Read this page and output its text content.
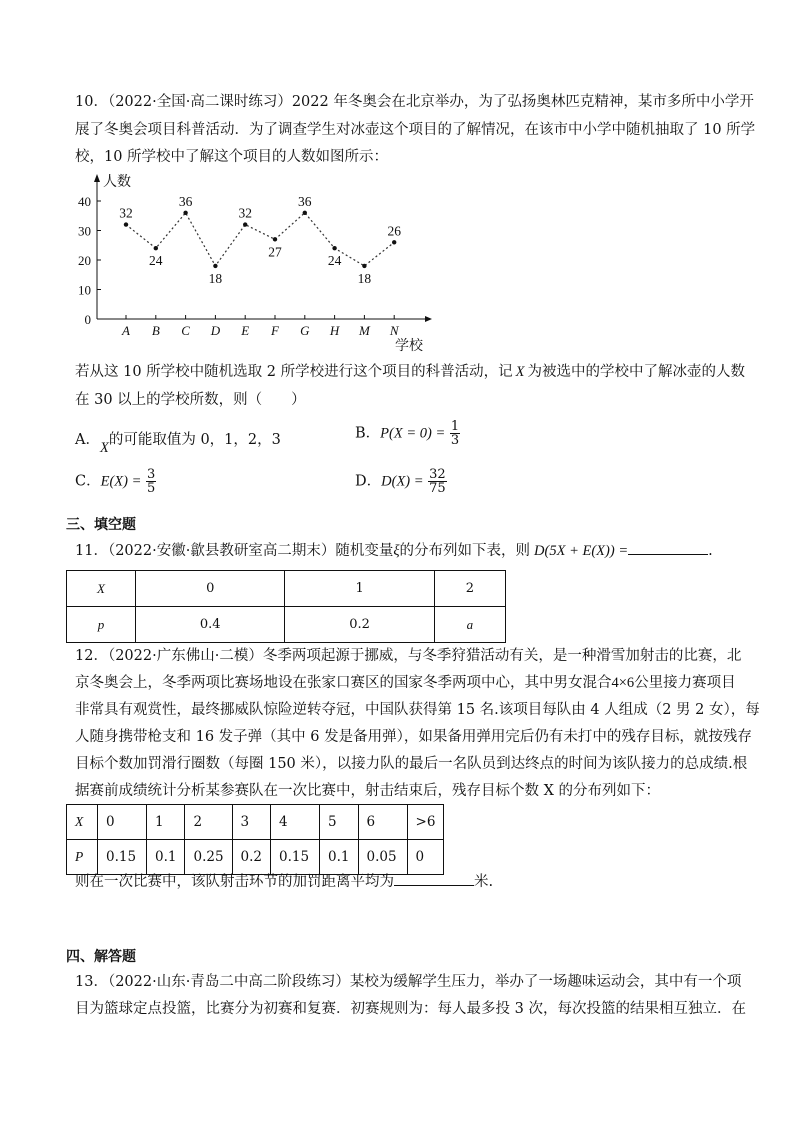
10．（2022·全国·高二课时练习）2022 年冬奥会在北京举办，为了弘扬奥林匹克精神，某市多所中小学开
展了冬奥会项目科普活动．为了调查学生对冰壶这个项目的了解情况，在该市中小学中随机抽取了 10 所学
校，10 所学校中了解这个项目的人数如图所示：
人数
0
10
20
30
40
A B C D E F G H M N
学校
32
24
36
18
32
27
36
24
18
26
若从这 10 所学校中随机选取 2 所学校进行这个项目的科普活动，记 X 为被选中的学校中了解冰壶的人数
在 30 以上的学校所数，则（　　）
A．X的可能取值为 0，1，2，3	B．$P(X = 0) = \frac{1}{3}$
C．$E(X) = \frac{3}{5}$	D．$D(X) = \frac{32}{75}$
三、填空题
11．（2022·安徽·歙县教研室高二期末）随机变量ξ的分布列如下表，则 D(5X + E(X)) =	.
X	0	1	2
p	0.4	0.2	a
12．（2022·广东佛山·二模）冬季两项起源于挪威，与冬季狩猎活动有关，是一种滑雪加射击的比赛，北
京冬奥会上，冬季两项比赛场地设在张家口赛区的国家冬季两项中心，其中男女混合4×6公里接力赛项目
非常具有观赏性，最终挪威队惊险逆转夺冠，中国队获得第 15 名.该项目每队由 4 人组成（2 男 2 女），每
人随身携带枪支和 16 发子弹（其中 6 发是备用弹），如果备用弹用完后仍有未打中的残存目标，就按残存
目标个数加罚滑行圈数（每圈 150 米），以接力队的最后一名队员到达终点的时间为该队接力的总成绩.根
据赛前成绩统计分析某参赛队在一次比赛中，射击结束后，残存目标个数 X 的分布列如下：
X	0	1	2	3	4	5	6	>6
P	0.15	0.1	0.25	0.2	0.15	0.1	0.05	0
则在一次比赛中，该队射击环节的加罚距离平均为	米.
四、解答题
13．（2022·山东·青岛二中高二阶段练习）某校为缓解学生压力，举办了一场趣味运动会，其中有一个项
目为篮球定点投篮，比赛分为初赛和复赛．初赛规则为：每人最多投 3 次，每次投篮的结果相互独立．在
